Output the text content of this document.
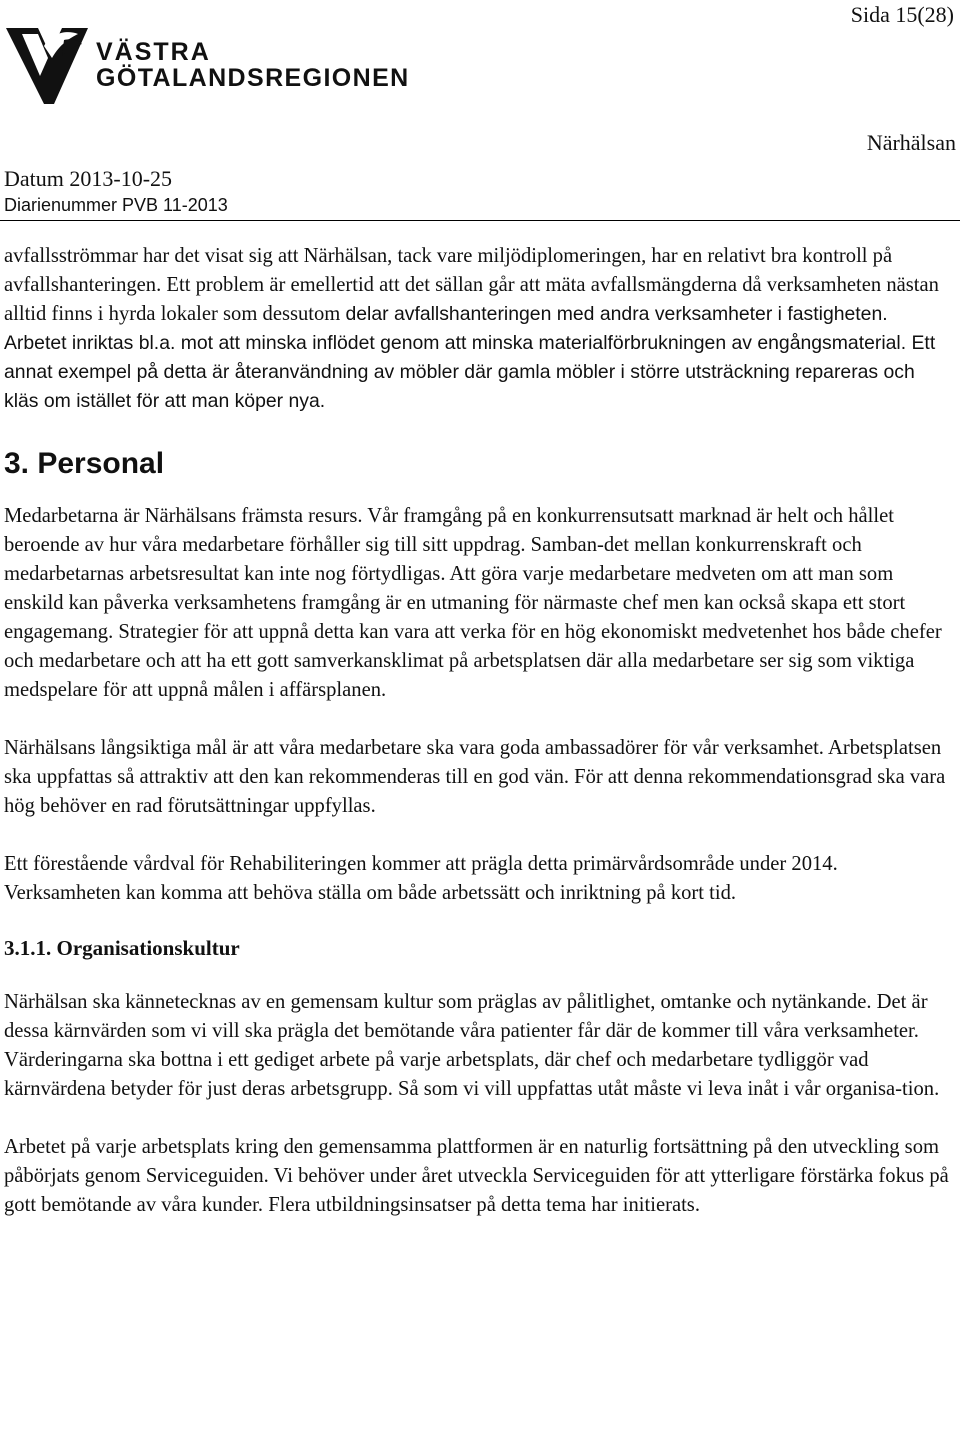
Sida 15(28)
VÄSTRA
GÖTALANDSREGIONEN
Närhälsan
Datum 2013-10-25
Diarienummer PVB 11-2013

avfallsströmmar har det visat sig att Närhälsan, tack vare miljödiplomeringen, har en relativt bra kontroll på avfallshanteringen. Ett problem är emellertid att det sällan går att mäta avfallsmängderna då verksamheten nästan alltid finns i hyrda lokaler som dessutom delar avfallshanteringen med andra verksamheter i fastigheten. Arbetet inriktas bl.a. mot att minska inflödet genom att minska materialförbrukningen av engångsmaterial. Ett annat exempel på detta är återanvändning av möbler där gamla möbler i större utsträckning repareras och kläs om istället för att man köper nya.

3. Personal

Medarbetarna är Närhälsans främsta resurs. Vår framgång på en konkurrensutsatt marknad är helt och hållet beroende av hur våra medarbetare förhåller sig till sitt uppdrag. Samban-det mellan konkurrenskraft och medarbetarnas arbetsresultat kan inte nog förtydligas. Att göra varje medarbetare medveten om att man som enskild kan påverka verksamhetens framgång är en utmaning för närmaste chef men kan också skapa ett stort engagemang. Strategier för att uppnå detta kan vara att verka för en hög ekonomiskt medvetenhet hos både chefer och medarbetare och att ha ett gott samverkansklimat på arbetsplatsen där alla medarbetare ser sig som viktiga medspelare för att uppnå målen i affärsplanen.

Närhälsans långsiktiga mål är att våra medarbetare ska vara goda ambassadörer för vår verksamhet. Arbetsplatsen ska uppfattas så attraktiv att den kan rekommenderas till en god vän. För att denna rekommendationsgrad ska vara hög behöver en rad förutsättningar uppfyllas.

Ett förestående vårdval för Rehabiliteringen kommer att prägla detta primärvårdsområde under 2014. Verksamheten kan komma att behöva ställa om både arbetssätt och inriktning på kort tid.

3.1.1. Organisationskultur

Närhälsan ska kännetecknas av en gemensam kultur som präglas av pålitlighet, omtanke och nytänkande. Det är dessa kärnvärden som vi vill ska prägla det bemötande våra patienter får där de kommer till våra verksamheter. Värderingarna ska bottna i ett gediget arbete på varje arbetsplats, där chef och medarbetare tydliggör vad kärnvärdena betyder för just deras arbetsgrupp. Så som vi vill uppfattas utåt måste vi leva inåt i vår organisa-tion.

Arbetet på varje arbetsplats kring den gemensamma plattformen är en naturlig fortsättning på den utveckling som påbörjats genom Serviceguiden. Vi behöver under året utveckla Serviceguiden för att ytterligare förstärka fokus på gott bemötande av våra kunder. Flera utbildningsinsatser på detta tema har initierats.
